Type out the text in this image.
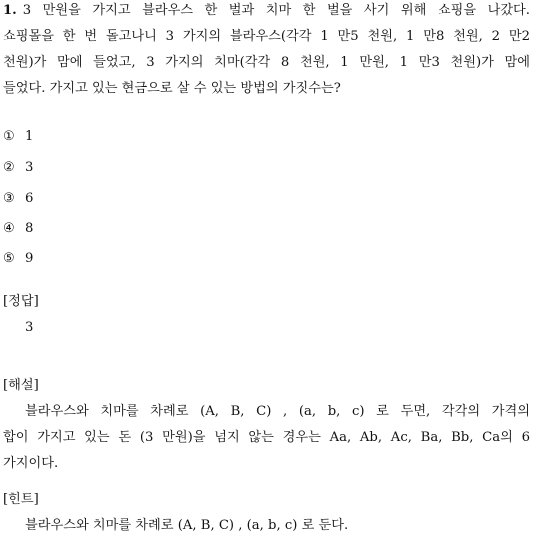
1. 3 만원을 가지고 블라우스 한 벌과 치마 한 벌을 사기 위해 쇼핑을 나갔다.
쇼핑몰을 한 번 돌고나니 3 가지의 블라우스(각각 1 만5 천원, 1 만8 천원, 2 만2
천원)가 맘에 들었고, 3 가지의 치마(각각 8 천원, 1 만원, 1 만3 천원)가 맘에
들었다. 가지고 있는 현금으로 살 수 있는 방법의 가짓수는?
① 1
② 3
③ 6
④ 8
⑤ 9
[정답]
3
[해설]
블라우스와 치마를 차례로 (A, B, C) , (a, b, c) 로 두면, 각각의 가격의
합이 가지고 있는 돈 (3 만원)을 넘지 않는 경우는 Aa, Ab, Ac, Ba, Bb, Ca의 6
가지이다.
[힌트]
블라우스와 치마를 차례로 (A, B, C) , (a, b, c) 로 둔다.
